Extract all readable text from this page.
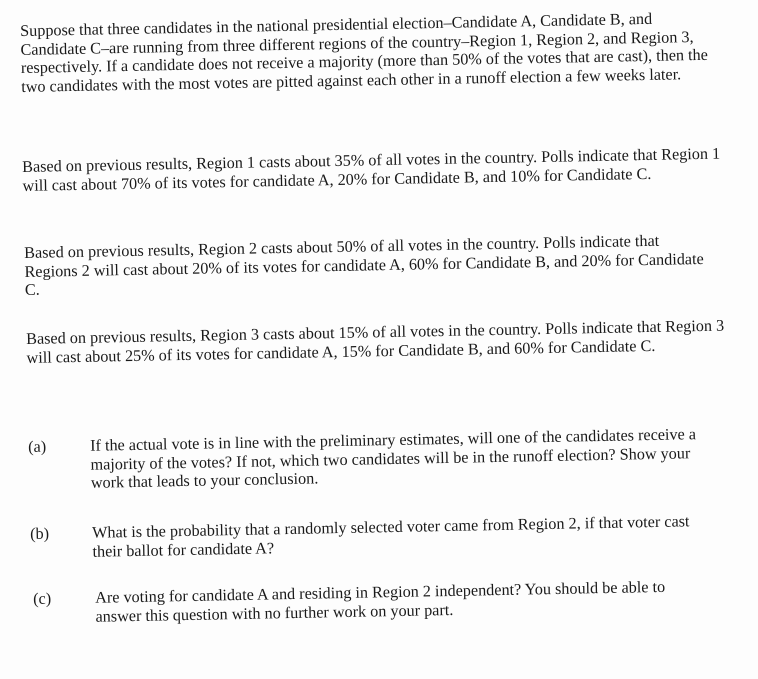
Suppose that three candidates in the national presidential election–Candidate A, Candidate B, and Candidate C–are running from three different regions of the country–Region 1, Region 2, and Region 3, respectively. If a candidate does not receive a majority (more than 50% of the votes that are cast), then the two candidates with the most votes are pitted against each other in a runoff election a few weeks later.

Based on previous results, Region 1 casts about 35% of all votes in the country. Polls indicate that Region 1 will cast about 70% of its votes for candidate A, 20% for Candidate B, and 10% for Candidate C.

Based on previous results, Region 2 casts about 50% of all votes in the country. Polls indicate that Regions 2 will cast about 20% of its votes for candidate A, 60% for Candidate B, and 20% for Candidate C.

Based on previous results, Region 3 casts about 15% of all votes in the country. Polls indicate that Region 3 will cast about 25% of its votes for candidate A, 15% for Candidate B, and 60% for Candidate C.

(a)	If the actual vote is in line with the preliminary estimates, will one of the candidates receive a majority of the votes? If not, which two candidates will be in the runoff election? Show your work that leads to your conclusion.

(b)	What is the probability that a randomly selected voter came from Region 2, if that voter cast their ballot for candidate A?

(c)	Are voting for candidate A and residing in Region 2 independent? You should be able to answer this question with no further work on your part.
